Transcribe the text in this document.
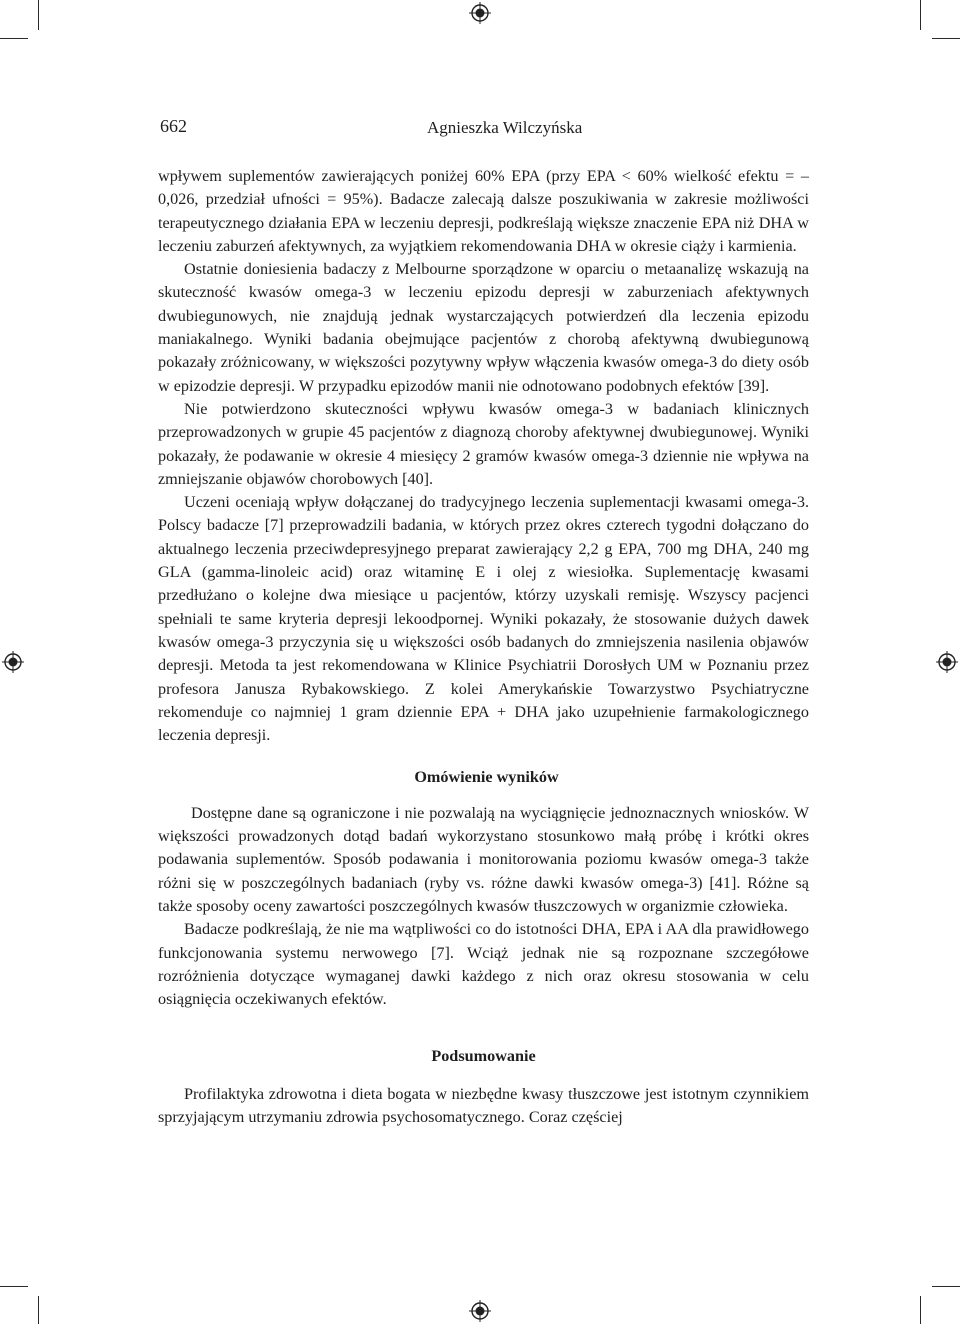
662	Agnieszka Wilczyńska

wpływem suplementów zawierających poniżej 60% EPA (przy EPA < 60% wielkość efektu = –0,026, przedział ufności = 95%). Badacze zalecają dalsze poszukiwania w zakresie możliwości terapeutycznego działania EPA w leczeniu depresji, podkreślają większe znaczenie EPA niż DHA w leczeniu zaburzeń afektywnych, za wyjątkiem rekomendowania DHA w okresie ciąży i karmienia.

Ostatnie doniesienia badaczy z Melbourne sporządzone w oparciu o metaanalizę wskazują na skuteczność kwasów omega-3 w leczeniu epizodu depresji w zaburzeniach afektywnych dwubiegunowych, nie znajdują jednak wystarczających potwierdzeń dla leczenia epizodu maniakalnego. Wyniki badania obejmujące pacjentów z chorobą afektywną dwubiegunową pokazały zróżnicowany, w większości pozytywny wpływ włączenia kwasów omega-3 do diety osób w epizodzie depresji. W przypadku epizodów manii nie odnotowano podobnych efektów [39].

Nie potwierdzono skuteczności wpływu kwasów omega-3 w badaniach klinicznych przeprowadzonych w grupie 45 pacjentów z diagnozą choroby afektywnej dwubiegunowej. Wyniki pokazały, że podawanie w okresie 4 miesięcy 2 gramów kwasów omega-3 dziennie nie wpływa na zmniejszanie objawów chorobowych [40].

Uczeni oceniają wpływ dołączanej do tradycyjnego leczenia suplementacji kwasami omega-3. Polscy badacze [7] przeprowadzili badania, w których przez okres czterech tygodni dołączano do aktualnego leczenia przeciwdepresyjnego preparat zawierający 2,2 g EPA, 700 mg DHA, 240 mg GLA (gamma-linoleic acid) oraz witaminę E i olej z wiesiołka. Suplementację kwasami przedłużano o kolejne dwa miesiące u pacjentów, którzy uzyskali remisję. Wszyscy pacjenci spełniali te same kryteria depresji lekoodpornej. Wyniki pokazały, że stosowanie dużych dawek kwasów omega-3 przyczynia się u większości osób badanych do zmniejszenia nasilenia objawów depresji. Metoda ta jest rekomendowana w Klinice Psychiatrii Dorosłych UM w Poznaniu przez profesora Janusza Rybakowskiego. Z kolei Amerykańskie Towarzystwo Psychiatryczne rekomenduje co najmniej 1 gram dziennie EPA + DHA jako uzupełnienie farmakologicznego leczenia depresji.

Omówienie wyników

Dostępne dane są ograniczone i nie pozwalają na wyciągnięcie jednoznacznych wniosków. W większości prowadzonych dotąd badań wykorzystano stosunkowo małą próbę i krótki okres podawania suplementów. Sposób podawania i monitorowania poziomu kwasów omega-3 także różni się w poszczególnych badaniach (ryby vs. różne dawki kwasów omega-3) [41]. Różne są także sposoby oceny zawartości poszczególnych kwasów tłuszczowych w organizmie człowieka.

Badacze podkreślają, że nie ma wątpliwości co do istotności DHA, EPA i AA dla prawidłowego funkcjonowania systemu nerwowego [7]. Wciąż jednak nie są rozpoznane szczegółowe rozróżnienia dotyczące wymaganej dawki każdego z nich oraz okresu stosowania w celu osiągnięcia oczekiwanych efektów.

Podsumowanie

Profilaktyka zdrowotna i dieta bogata w niezbędne kwasy tłuszczowe jest istotnym czynnikiem sprzyjającym utrzymaniu zdrowia psychosomatycznego. Coraz częściej
